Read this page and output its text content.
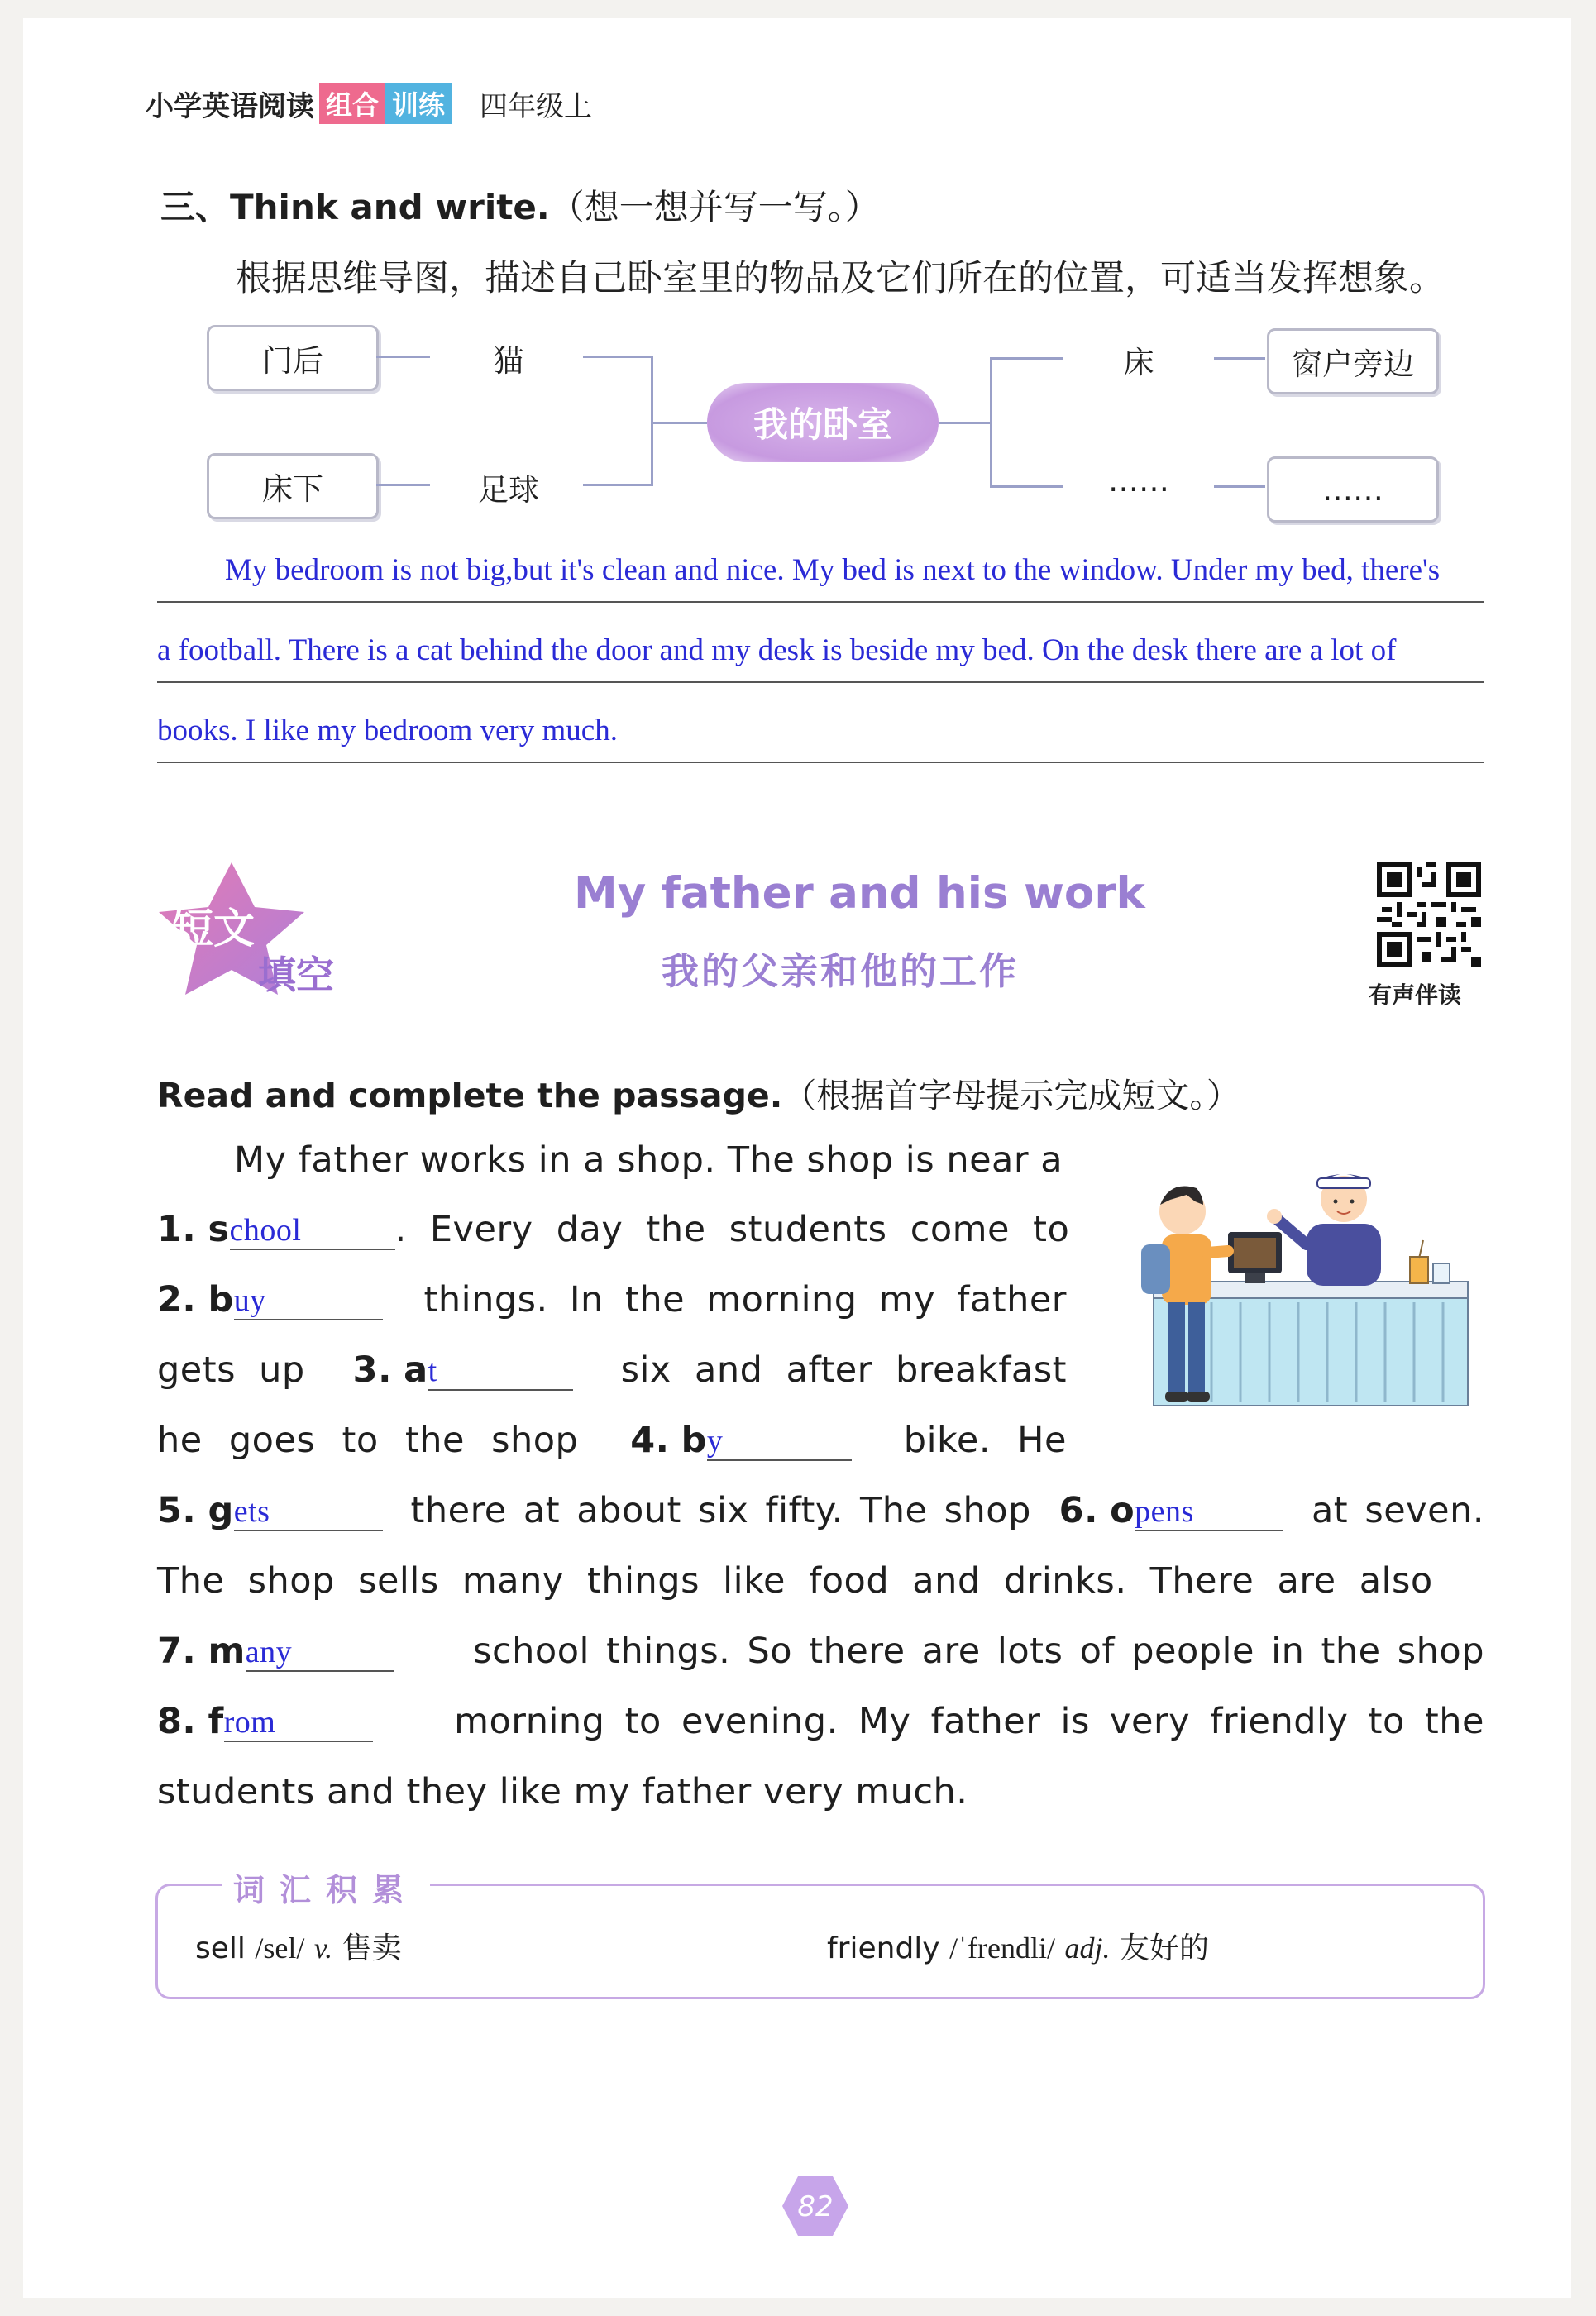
小学英语阅读 组合 训练 四年级上
三、Think and write.（想一想并写一写。）
根据思维导图，描述自己卧室里的物品及它们所在的位置，可适当发挥想象。
门后	猫
床下	足球
我的卧室
床	窗户旁边
……	……
My bedroom is not big,but it's clean and nice. My bed is next to the window. Under my bed, there's
a football. There is a cat behind the door and my desk is beside my bed. On the desk there are a lot of
books. I like my bedroom very much.
短文
填空
My father and his work
我的父亲和他的工作
有声伴读
Read and complete the passage.（根据首字母提示完成短文。）
My father works in a shop. The shop is near a
1. s chool	. Every day the students come to
2. b uy	things. In the morning my father
gets up 3. a t	six and after breakfast
he goes to the shop 4. b y	bike. He
5. g ets	there at about six fifty. The shop 6. o pens	at seven.
The shop sells many things like food and drinks. There are also
7. m any	school things. So there are lots of people in the shop
8. f rom	morning to evening. My father is very friendly to the
students and they like my father very much.
词汇积累
sell /sel/ v. 售卖	friendly /ˈfrendli/ adj. 友好的
82
